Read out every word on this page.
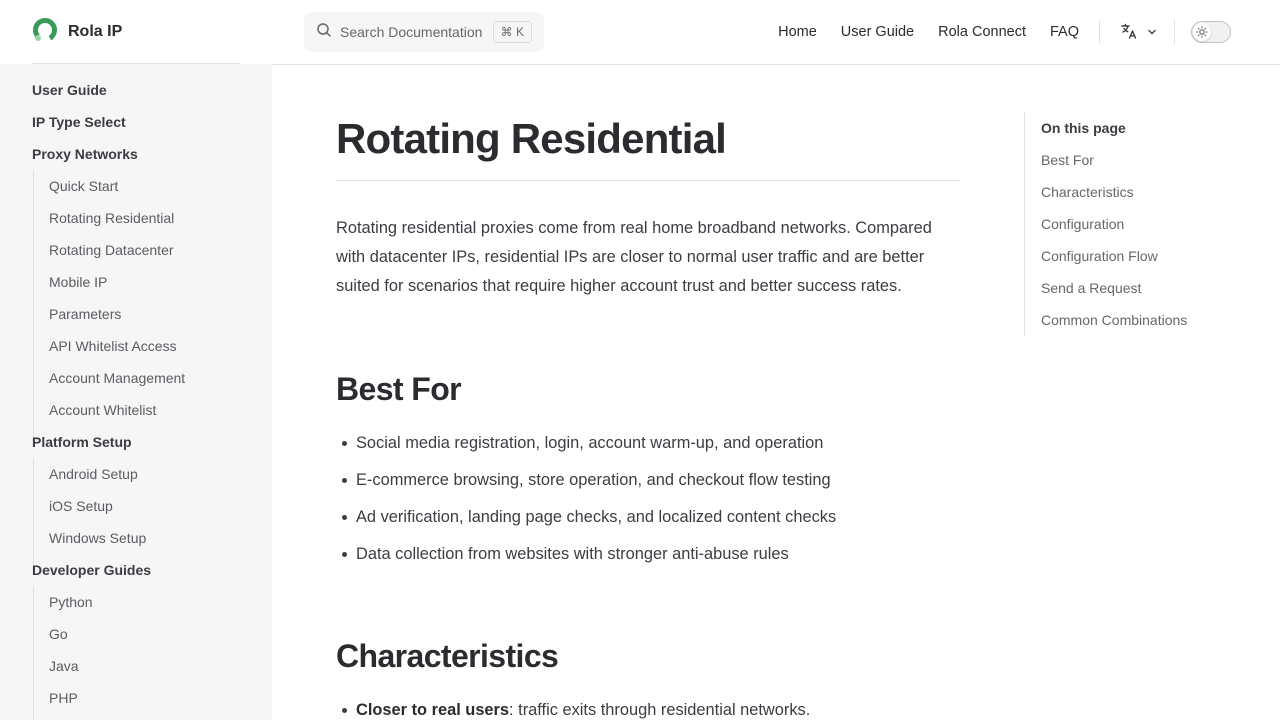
Rola IP	Search Documentation	⌘ K	Home User Guide Rola Connect FAQ
User Guide
IP Type Select
Proxy Networks
Quick Start
Rotating Residential
Rotating Datacenter
Mobile IP
Parameters
API Whitelist Access
Account Management
Account Whitelist
Platform Setup
Android Setup
iOS Setup
Windows Setup
Developer Guides
Python
Go
Java
PHP
Rotating Residential

Rotating residential proxies come from real home broadband networks. Compared with datacenter IPs, residential IPs are closer to normal user traffic and are better suited for scenarios that require higher account trust and better success rates.

Best For
Social media registration, login, account warm-up, and operation
E-commerce browsing, store operation, and checkout flow testing
Ad verification, landing page checks, and localized content checks
Data collection from websites with stronger anti-abuse rules
Characteristics
Closer to real users: traffic exits through residential networks.
On this page
Best For
Characteristics
Configuration
Configuration Flow
Send a Request
Common Combinations
